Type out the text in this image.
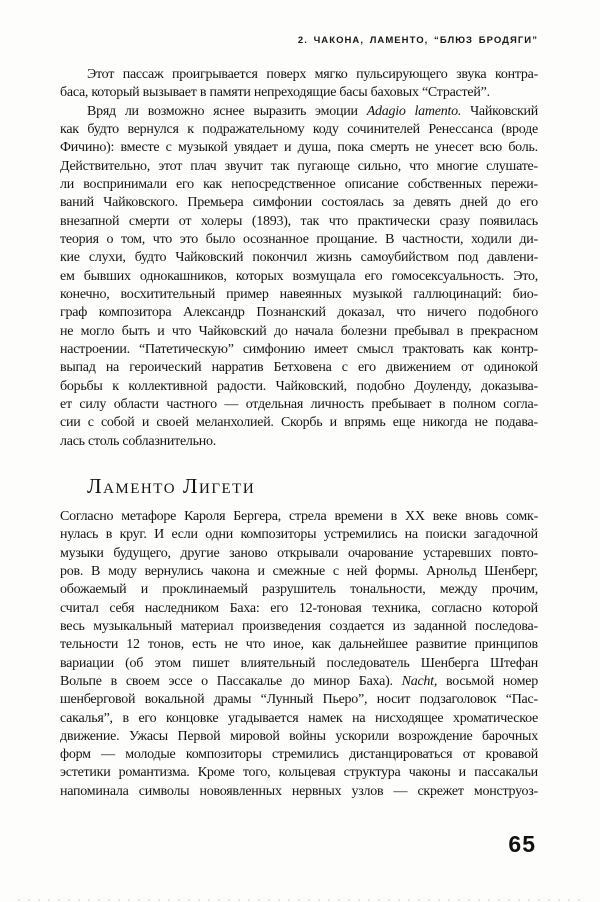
2. ЧАКОНА, ЛАМЕНТО, “БЛЮЗ БРОДЯГИ”
Этот пассаж проигрывается поверх мягко пульсирующего звука контра-
баса, который вызывает в памяти непреходящие басы баховых “Страстей”.
Вряд ли возможно яснее выразить эмоции Adagio lamento. Чайковский
как будто вернулся к подражательному коду сочинителей Ренессанса (вроде
Фичино): вместе с музыкой увядает и душа, пока смерть не унесет всю боль.
Действительно, этот плач звучит так пугающе сильно, что многие слушате-
ли воспринимали его как непосредственное описание собственных пережи-
ваний Чайковского. Премьера симфонии состоялась за девять дней до его
внезапной смерти от холеры (1893), так что практически сразу появилась
теория о том, что это было осознанное прощание. В частности, ходили ди-
кие слухи, будто Чайковский покончил жизнь самоубийством под давлени-
ем бывших однокашников, которых возмущала его гомосексуальность. Это,
конечно, восхитительный пример навеянных музыкой галлюцинаций: био-
граф композитора Александр Познанский доказал, что ничего подобного
не могло быть и что Чайковский до начала болезни пребывал в прекрасном
настроении. “Патетическую” симфонию имеет смысл трактовать как контр-
выпад на героический нарратив Бетховена с его движением от одинокой
борьбы к коллективной радости. Чайковский, подобно Доуленду, доказыва-
ет силу области частного — отдельная личность пребывает в полном согла-
сии с собой и своей меланхолией. Скорбь и впрямь еще никогда не подава-
лась столь соблазнительно.
Ламенто Лигети
Согласно метафоре Кароля Бергера, стрела времени в XX веке вновь сомк-
нулась в круг. И если одни композиторы устремились на поиски загадочной
музыки будущего, другие заново открывали очарование устаревших повто-
ров. В моду вернулись чакона и смежные с ней формы. Арнольд Шенберг,
обожаемый и проклинаемый разрушитель тональности, между прочим,
считал себя наследником Баха: его 12-тоновая техника, согласно которой
весь музыкальный материал произведения создается из заданной последова-
тельности 12 тонов, есть не что иное, как дальнейшее развитие принципов
вариации (об этом пишет влиятельный последователь Шенберга Штефан
Вольпе в своем эссе о Пассакалье до минор Баха). Nacht, восьмой номер
шенберговой вокальной драмы “Лунный Пьеро”, носит подзаголовок “Пас-
сакалья”, в его концовке угадывается намек на нисходящее хроматическое
движение. Ужасы Первой мировой войны ускорили возрождение барочных
форм — молодые композиторы стремились дистанцироваться от кровавой
эстетики романтизма. Кроме того, кольцевая структура чаконы и пассакальи
напоминала символы новоявленных нервных узлов — скрежет монструоз-
65
